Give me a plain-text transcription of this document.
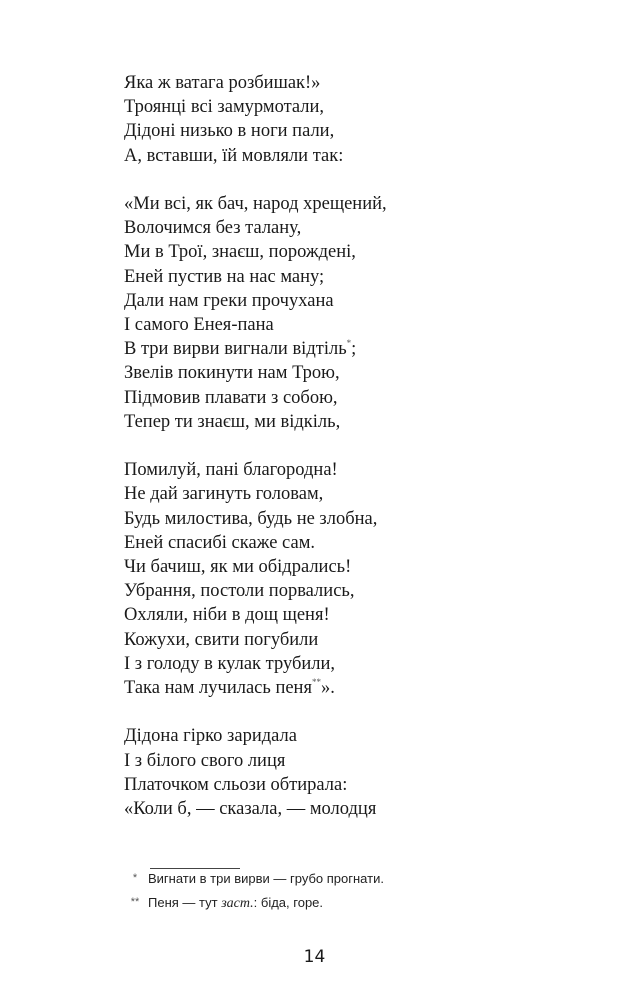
Яка ж ватага розбишак!»
Троянці всі замурмотали,
Дідоні низько в ноги пали,
А, вставши, їй мовляли так:
«Ми всі, як бач, народ хрещений,
Волочимся без талану,
Ми в Трої, знаєш, порождені,
Еней пустив на нас ману;
Дали нам греки прочухана
І самого Енея-пана
В три вирви вигнали відтіль*;
Звелів покинути нам Трою,
Підмовив плавати з собою,
Тепер ти знаєш, ми відкіль,
Помилуй, пані благородна!
Не дай загинуть головам,
Будь милостива, будь не злобна,
Еней спасибі скаже сам.
Чи бачиш, як ми обідрались!
Убрання, постоли порвались,
Охляли, ніби в дощ щеня!
Кожухи, свити погубили
І з голоду в кулак трубили,
Така нам лучилась пеня**».
Дідона гірко заридала
І з білого свого лиця
Платочком сльози обтирала:
«Коли б, — сказала, — молодця
* Вигнати в три вирви — грубо прогнати.
** Пеня — тут заст.: біда, горе.
14
